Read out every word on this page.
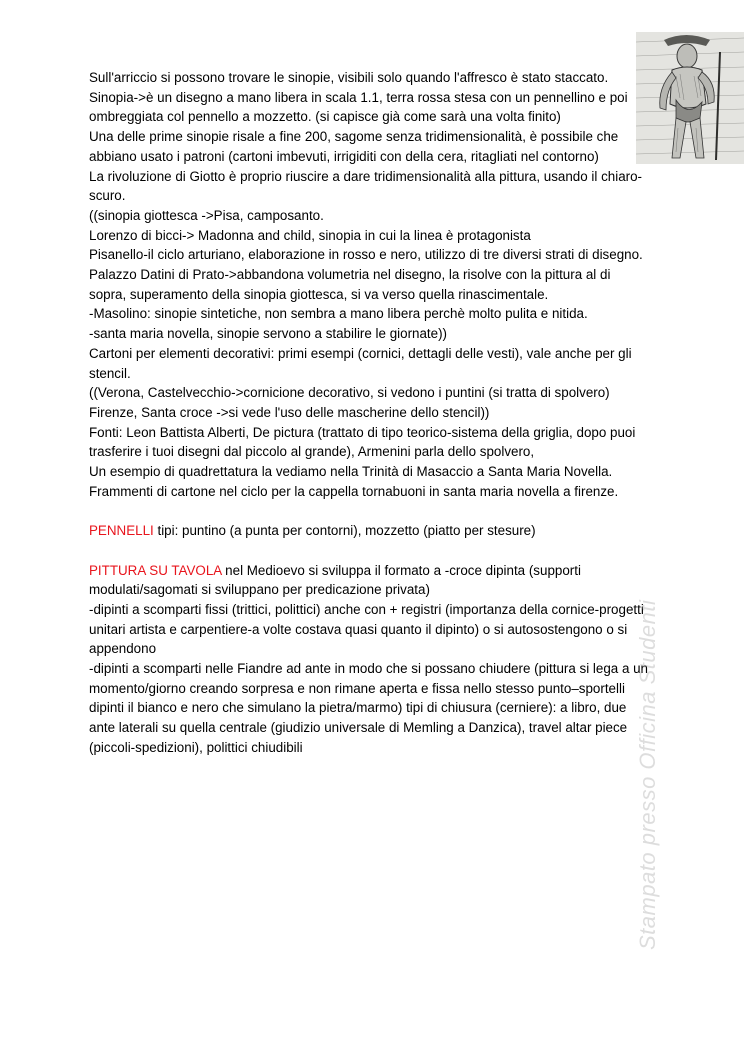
Sull'arriccio si possono trovare le sinopie, visibili solo quando l'affresco è stato staccato.

Sinopia->è un disegno a mano libera in scala 1.1, terra rossa stesa con un pennellino e poi ombreggiata col pennello a mozzetto. (si capisce già come sarà una volta finito)

Una delle prime sinopie risale a fine 200, sagome senza tridimensionalità, è possibile che abbiano usato i patroni (cartoni imbevuti, irrigiditi con della cera, ritagliati nel contorno)

La rivoluzione di Giotto è proprio riuscire a dare tridimensionalità alla pittura, usando il chiaro-scuro.

((sinopia giottesca ->Pisa, camposanto.

Lorenzo di bicci-> Madonna and child, sinopia in cui la linea è protagonista

Pisanello-il ciclo arturiano, elaborazione in rosso e nero, utilizzo di tre diversi strati di disegno.

Palazzo Datini di Prato->abbandona volumetria nel disegno, la risolve con la pittura al di sopra, superamento della sinopia giottesca, si va verso quella rinascimentale.

-Masolino: sinopie sintetiche, non sembra a mano libera perchè molto pulita e nitida.

-santa maria novella, sinopie servono a stabilire le giornate))

Cartoni per elementi decorativi: primi esempi (cornici, dettagli delle vesti), vale anche per gli stencil.

((Verona, Castelvecchio->cornicione decorativo, si vedono i puntini (si tratta di spolvero)

Firenze, Santa croce ->si vede l'uso delle mascherine dello stencil))

Fonti: Leon Battista Alberti, De pictura (trattato di tipo teorico-sistema della griglia, dopo puoi trasferire i tuoi disegni dal piccolo al grande), Armenini parla dello spolvero,

Un esempio di quadrettatura la vediamo nella Trinità di Masaccio a Santa Maria Novella.

Frammenti di cartone nel ciclo per la cappella tornabuoni in santa maria novella a firenze.

PENNELLI tipi: puntino (a punta per contorni), mozzetto (piatto per stesure)

PITTURA SU TAVOLA nel Medioevo si sviluppa il formato a -croce dipinta (supporti modulati/sagomati si sviluppano per predicazione privata)

-dipinti a scomparti fissi (trittici, polittici) anche con + registri (importanza della cornice-progetti unitari artista e carpentiere-a volte costava quasi quanto il dipinto) o si autosostengono o si appendono

-dipinti a scomparti nelle Fiandre ad ante in modo che si possano chiudere (pittura si lega a un momento/giorno creando sorpresa e non rimane aperta e fissa nello stesso punto–sportelli dipinti il bianco e nero che simulano la pietra/marmo) tipi di chiusura (cerniere): a libro, due ante laterali su quella centrale (giudizio universale di Memling a Danzica), travel altar piece (piccoli-spedizioni), polittici chiudibili	Stampato presso Officina Studenti
